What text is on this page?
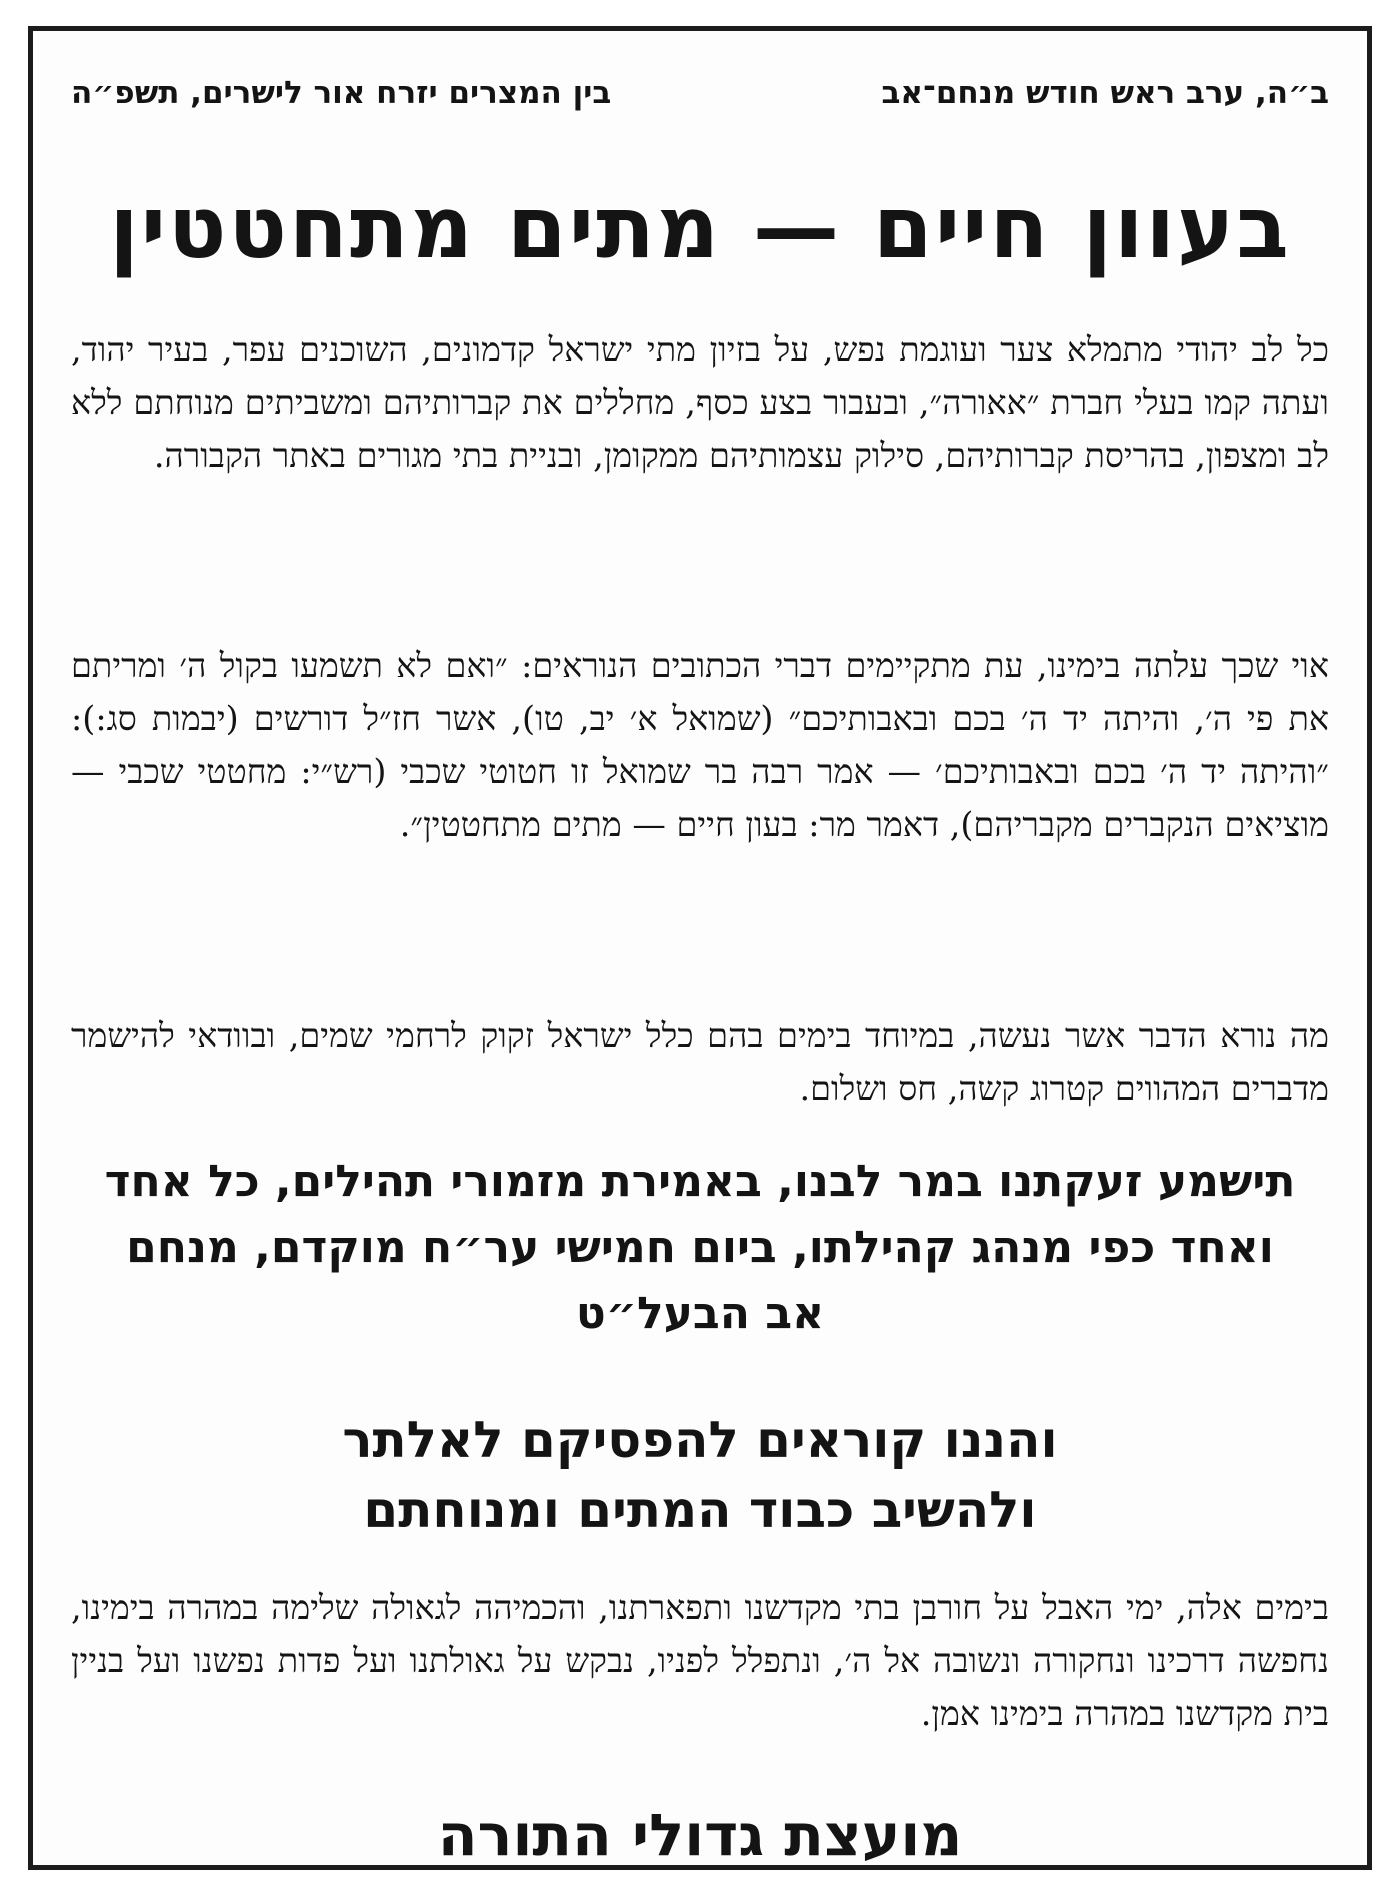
ב״ה, ערב ראש חודש מנחם־אב
בין המצרים יזרח אור לישרים, תשפ״ה
בעוון חיים — מתים מתחטטין

כל לב יהודי מתמלא צער ועוגמת נפש, על בזיון מתי ישראל קדמונים, השוכנים עפר, בעיר יהוד, ועתה קמו בעלי חברת ״אאורה״, ובעבור בצע כסף, מחללים את קברותיהם ומשביתים מנוחתם ללא לב ומצפון, בהריסת קברותיהם, סילוק עצמותיהם ממקומן, ובניית בתי מגורים באתר הקבורה.

אוי שכך עלתה בימינו, עת מתקיימים דברי הכתובים הנוראים: ״ואם לא תשמעו בקול ה׳ ומריתם את פי ה׳, והיתה יד ה׳ בכם ובאבותיכם״ (שמואל א׳ יב, טו), אשר חז״ל דורשים (יבמות סג:): ״והיתה יד ה׳ בכם ובאבותיכם׳ — אמר רבה בר שמואל זו חטוטי שכבי (רש״י: מחטטי שכבי — מוציאים הנקברים מקבריהם), דאמר מר: בעון חיים — מתים מתחטטין״.

מה נורא הדבר אשר נעשה, במיוחד בימים בהם כלל ישראל זקוק לרחמי שמים, ובוודאי להישמר מדברים המהווים קטרוג קשה, חס ושלום.

תישמע זעקתנו במר לבנו, באמירת מזמורי תהילים, כל אחד ואחד כפי מנהג קהילתו, ביום חמישי ער״ח מוקדם, מנחם אב הבעל״ט

והננו קוראים להפסיקם לאלתר
ולהשיב כבוד המתים ומנוחתם

בימים אלה, ימי האבל על חורבן בתי מקדשנו ותפארתנו, והכמיהה לגאולה שלימה במהרה בימינו, נחפשה דרכינו ונחקורה ונשובה אל ה׳, ונתפלל לפניו, נבקש על גאולתנו ועל פדות נפשנו ועל בניין בית מקדשנו במהרה בימינו אמן.

מועצת גדולי התורה
